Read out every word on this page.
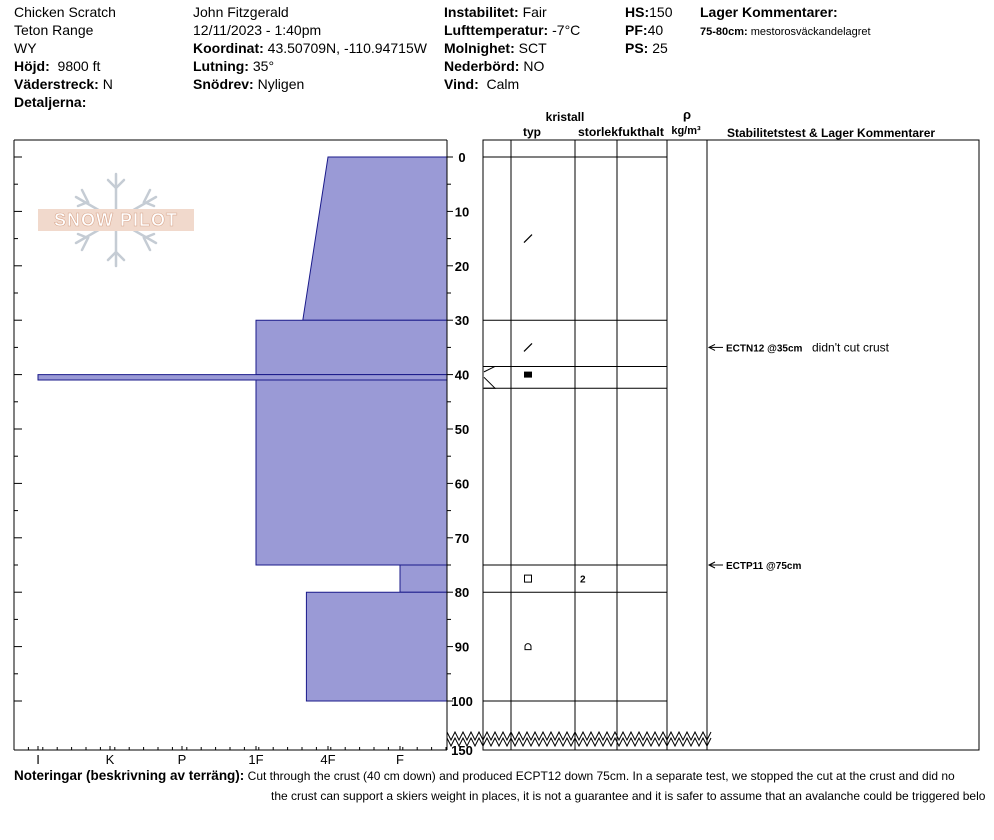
Chicken Scratch
Teton Range
WY
Höjd: 9800 ft
Väderstreck: N
Detaljerna:
John Fitzgerald
12/11/2023 - 1:40pm
Koordinat: 43.50709N, -110.94715W
Lutning: 35°
Snödrev: Nyligen
Instabilitet: Fair
Lufttemperatur: -7°C
Molnighet: SCT
Nederbörd: NO
Vind: Calm
HS:150
PF:40
PS: 25
Lager Kommentarer:
75-80cm: mestorosväckandelagret
SNOW PILOT
I	K	P	1F	4F	F
0
10
20
30
40
50
60
70
80
90
100
150
kristall
typ	storlek fukthalt
ρ
kg/m³ Stabilitetstest & Lager Kommentarer
2
ECTN12 @35cm didn't cut crust
ECTP11 @75cm
Noteringar (beskrivning av terräng): Cut through the crust (40 cm down) and produced ECPT12 down 75cm. In a separate test, we stopped the cut at the crust and did no
the crust can support a skiers weight in places, it is not a guarantee and it is safer to assume that an avalanche could be triggered belo
